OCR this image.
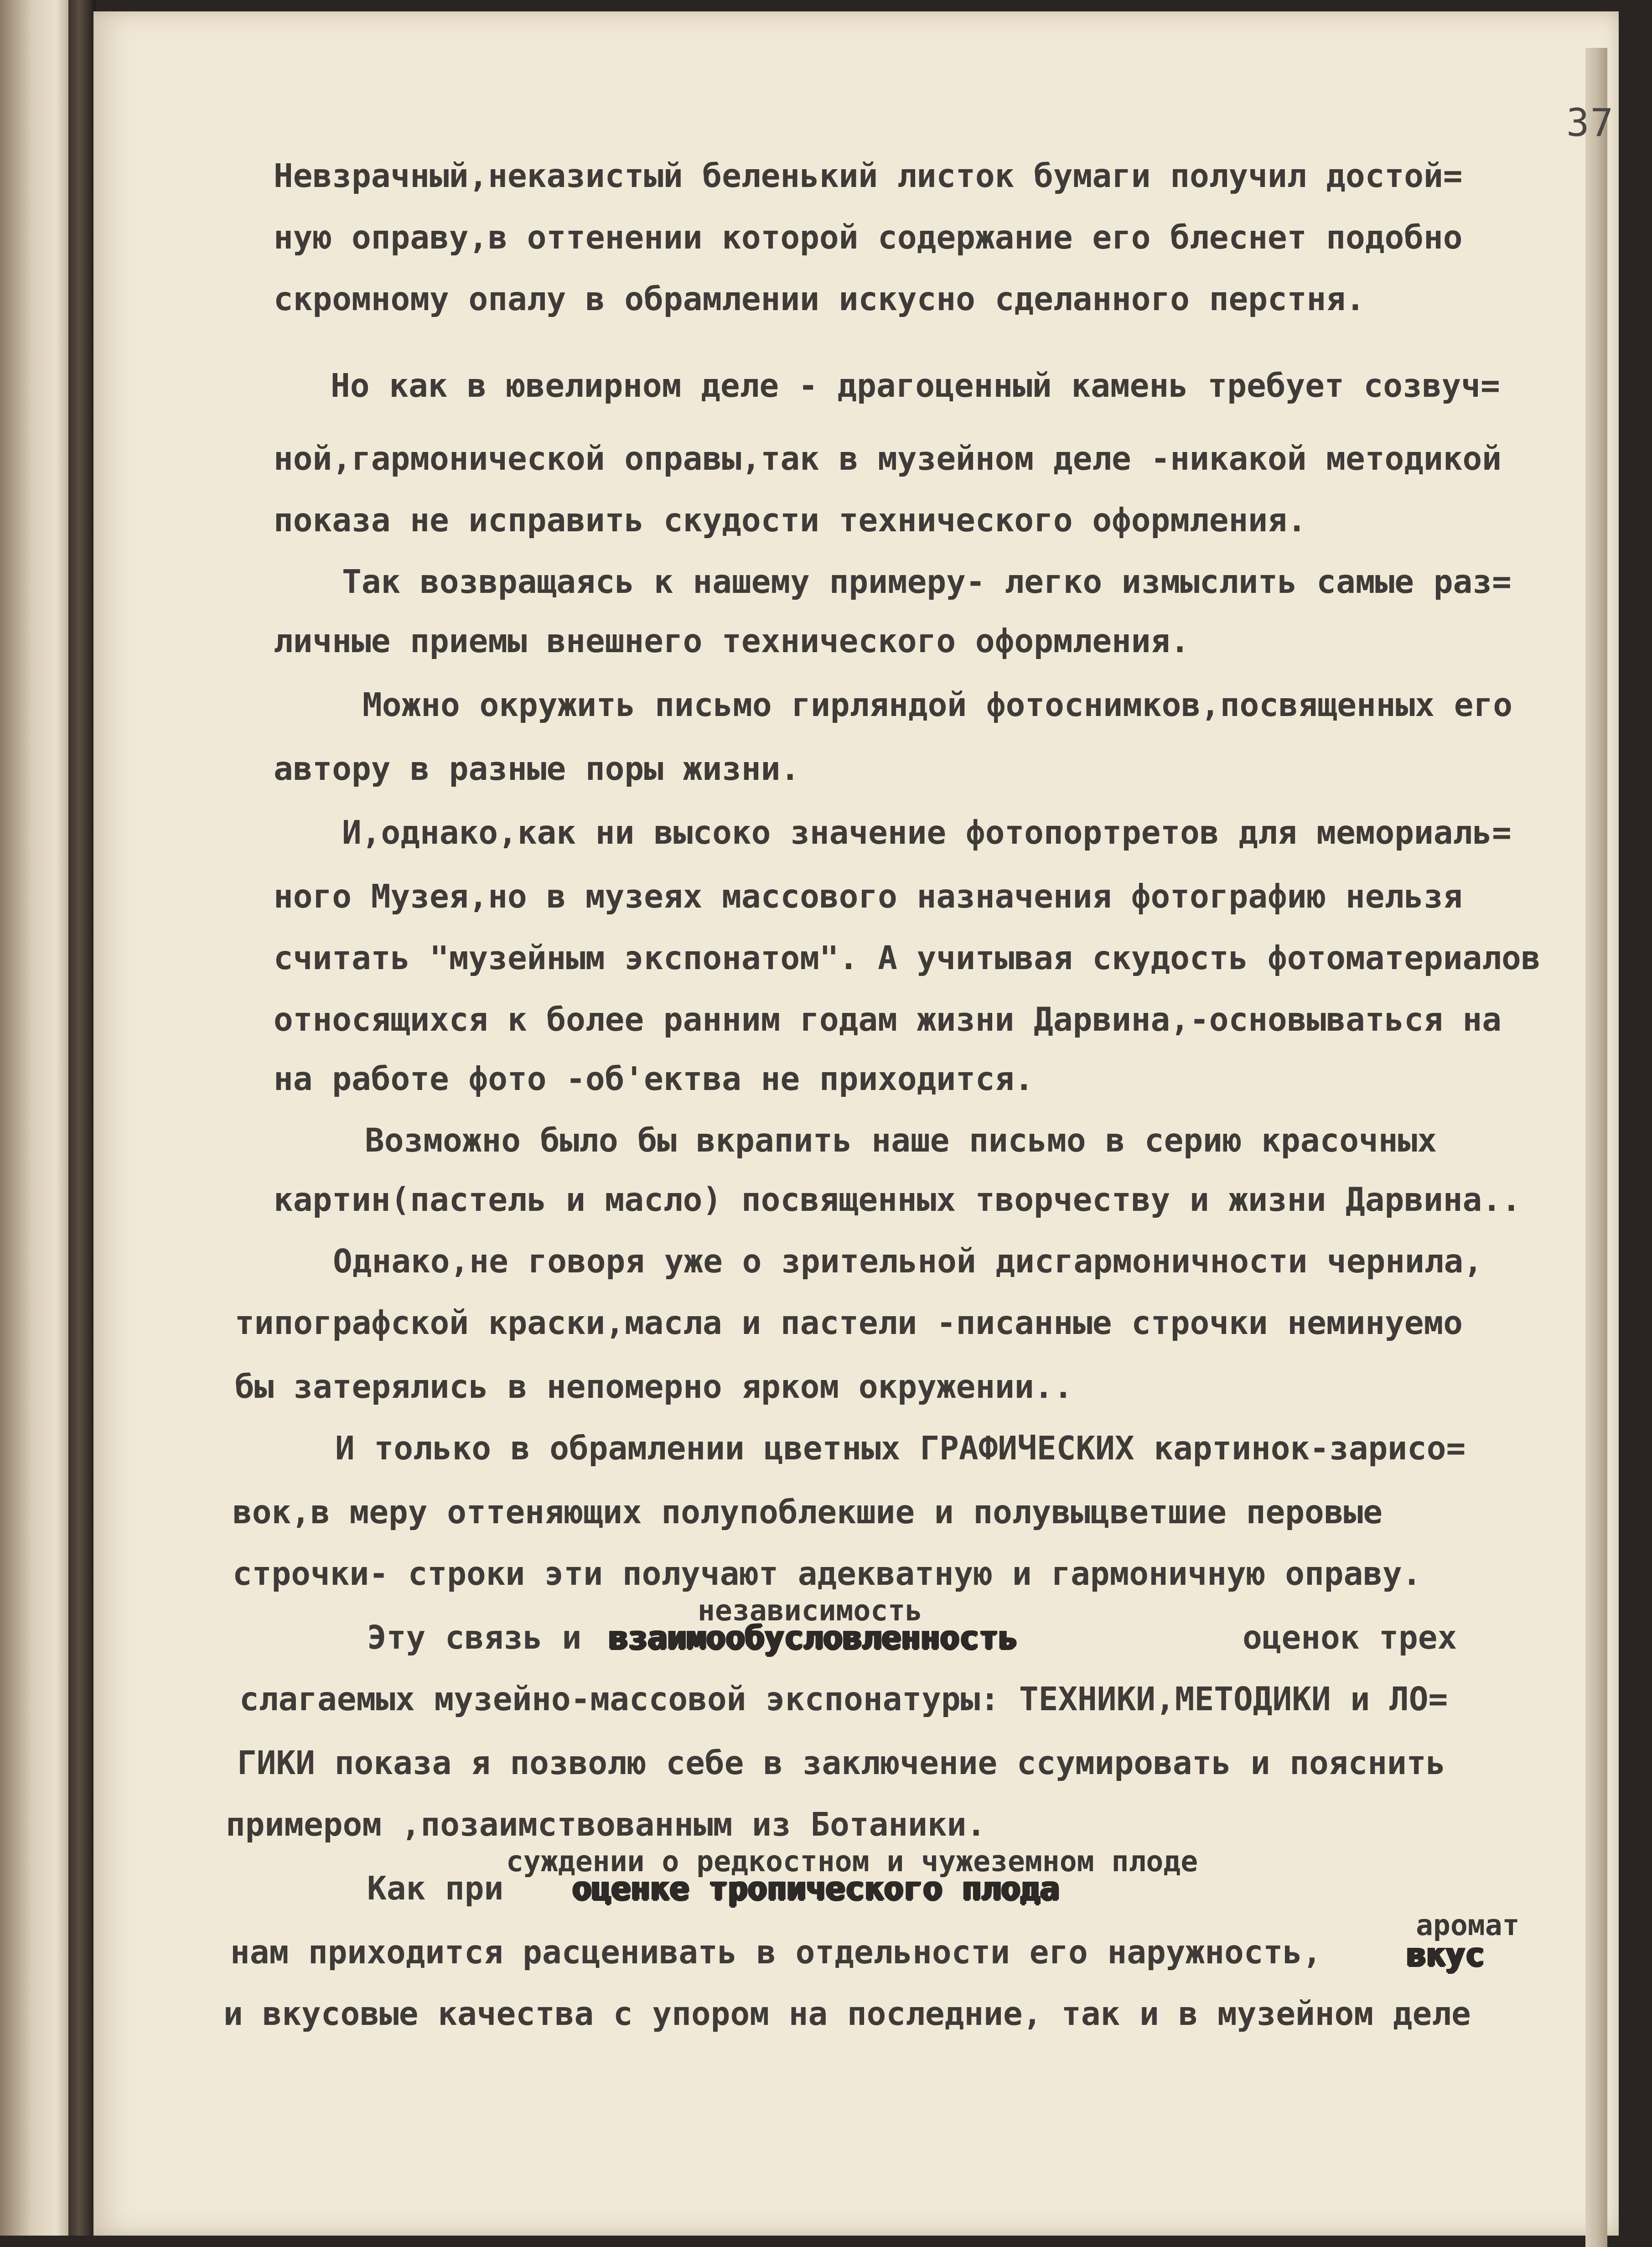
37
Невзрачный,неказистый беленький листок бумаги получил достой=
ную оправу,в оттенении которой содержание его блеснет подобно
скромному опалу в обрамлении искусно сделанного перстня.
Но как в ювелирном деле - драгоценный камень требует созвуч=
ной,гармонической оправы,так в музейном деле -никакой методикой
показа не исправить скудости технического оформления.
Так возвращаясь к нашему примеру- легко измыслить самые раз=
личные приемы внешнего технического оформления.
Можно окружить письмо гирляндой фотоснимков,посвященных его
автору в разные поры жизни.
И,однако,как ни высоко значение фотопортретов для мемориаль=
ного Музея,но в музеях массового назначения фотографию нельзя
считать "музейным экспонатом". А учитывая скудость фотоматериалов
относящихся к более ранним годам жизни Дарвина,-основываться на
на работе фото -об'ектва не приходится.
Возможно было бы вкрапить наше письмо в серию красочных
картин(пастель и масло) посвященных творчеству и жизни Дарвина..
Однако,не говоря уже о зрительной дисгармоничности чернила,
типографской краски,масла и пастели -писанные строчки неминуемо
бы затерялись в непомерно ярком окружении..
И только в обрамлении цветных ГРАФИЧЕСКИХ картинок-зарисо=
вок,в меру оттеняющих полупоблекшие и полувыцветшие перовые
строчки- строки эти получают адекватную и гармоничную оправу.
независимость
Эту связь и взаимообусловленность	оценок трех
слагаемых музейно-массовой экспонатуры: ТЕХНИКИ,МЕТОДИКИ и ЛО=
ГИКИ показа я позволю себе в заключение ссумировать и пояснить
примером ,позаимствованным из Ботаники.
суждении о редкостном и чужеземном плоде
Как при оценке тропического плода
aромат
нам приходится расценивать в отдельности его наружность,	вкус
и вкусовые качества с упором на последние, так и в музейном деле
